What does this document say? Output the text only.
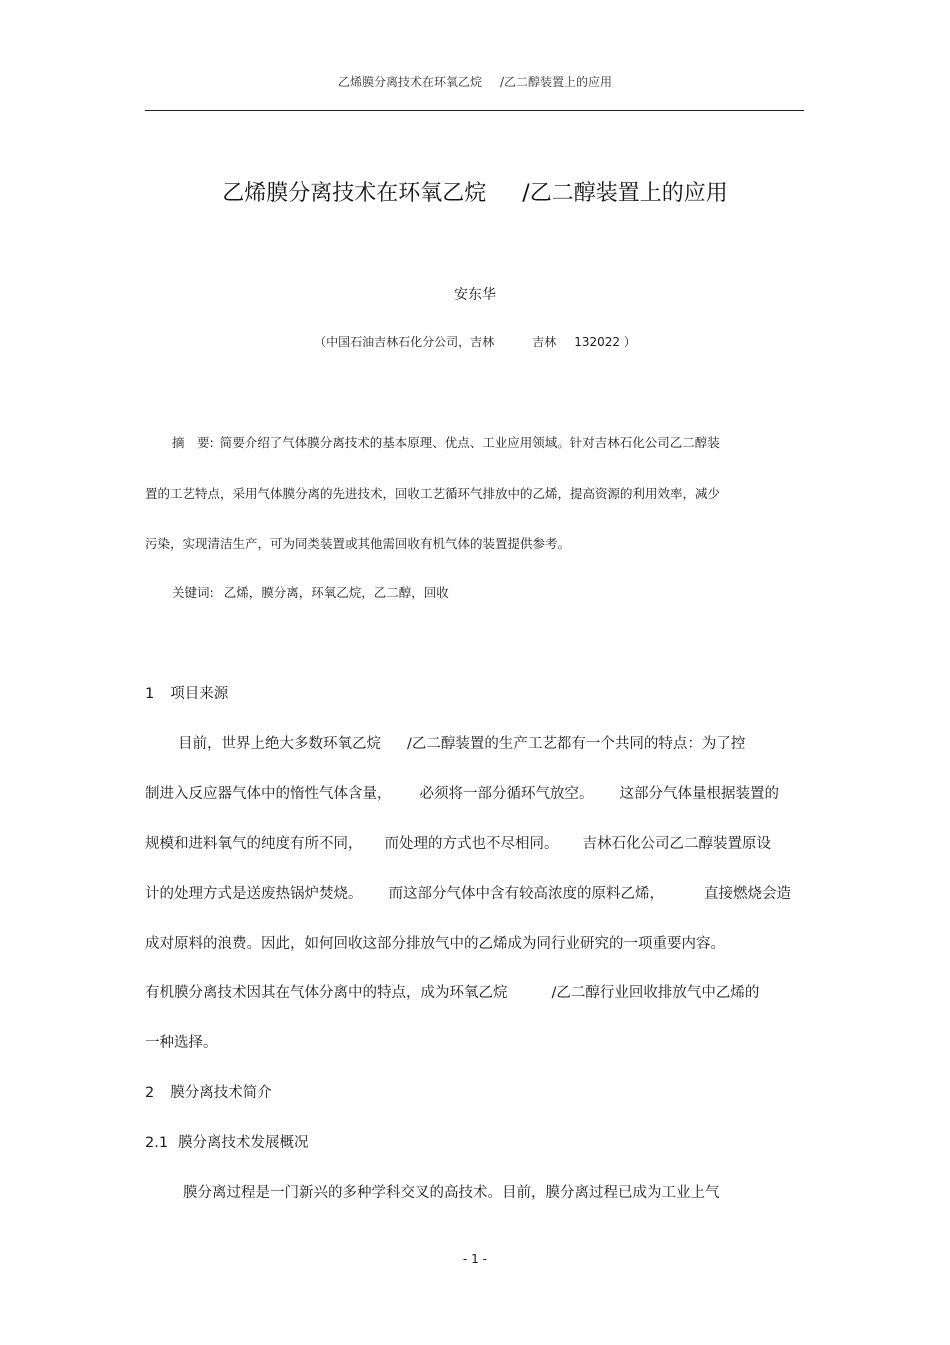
乙烯膜分离技术在环氧乙烷 /乙二醇装置上的应用
乙烯膜分离技术在环氧乙烷 /乙二醇装置上的应用
安东华
（中国石油吉林石化分公司，吉林	吉林 132022 ）
摘　要: 简要介绍了气体膜分离技术的基本原理、优点、工业应用领域。针对吉林石化公司乙二醇装
置的工艺特点，采用气体膜分离的先进技术，回收工艺循环气排放中的乙烯，提高资源的利用效率，减少
污染，实现清洁生产，可为同类装置或其他需回收有机气体的装置提供参考。
关键词: 乙烯，膜分离，环氧乙烷，乙二醇，回收
1 项目来源
目前，世界上绝大多数环氧乙烷 /乙二醇装置的生产工艺都有一个共同的特点：为了控
制进入反应器气体中的惰性气体含量， 必须将一部分循环气放空。 这部分气体量根据装置的
规模和进料氧气的纯度有所不同， 而处理的方式也不尽相同。 吉林石化公司乙二醇装置原设
计的处理方式是送废热锅炉焚烧。 而这部分气体中含有较高浓度的原料乙烯，	直接燃烧会造
成对原料的浪费。因此，如何回收这部分排放气中的乙烯成为同行业研究的一项重要内容。
有机膜分离技术因其在气体分离中的特点，成为环氧乙烷	/乙二醇行业回收排放气中乙烯的
一种选择。
2 膜分离技术简介
2.1 膜分离技术发展概况
膜分离过程是一门新兴的多种学科交叉的高技术。目前，膜分离过程已成为工业上气
- 1 -
